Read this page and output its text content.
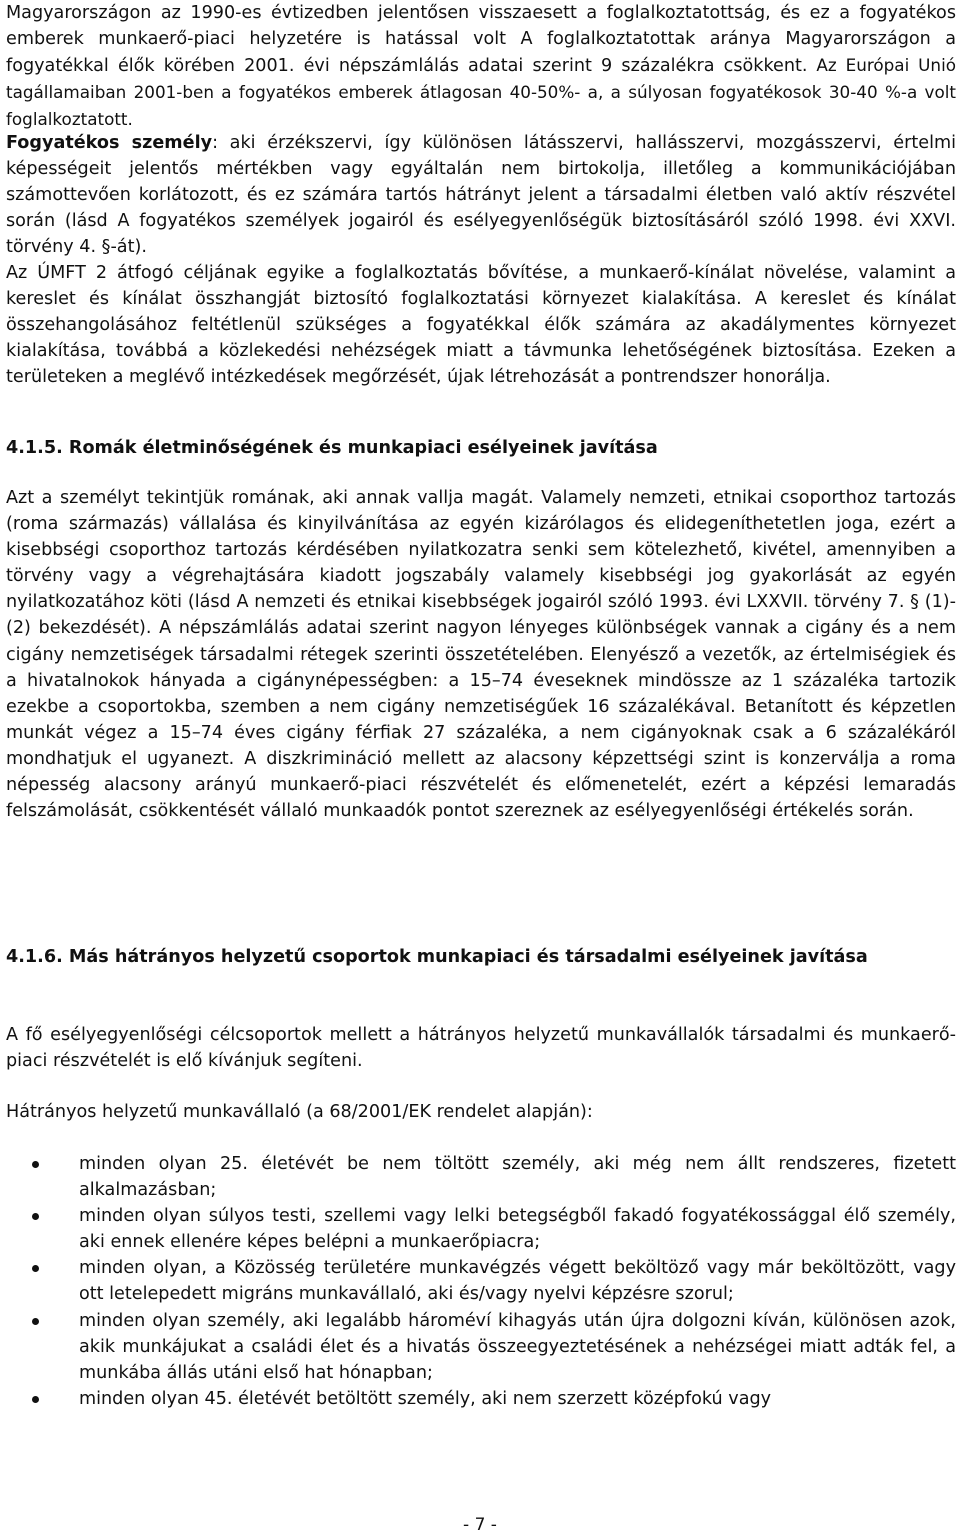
Magyarországon az 1990-es évtizedben jelentősen visszaesett a foglalkoztatottság, és ez a fogyatékos emberek munkaerő-piaci helyzetére is hatással volt A foglalkoztatottak aránya Magyarországon a fogyatékkal élők körében 2001. évi népszámlálás adatai szerint 9 százalékra csökkent. Az Európai Unió tagállamaiban 2001-ben a fogyatékos emberek átlagosan 40-50%- a, a súlyosan fogyatékosok 30-40 %-a volt foglalkoztatott.

Fogyatékos személy: aki érzékszervi, így különösen látásszervi, hallásszervi, mozgásszervi, értelmi képességeit jelentős mértékben vagy egyáltalán nem birtokolja, illetőleg a kommunikációjában számottevően korlátozott, és ez számára tartós hátrányt jelent a társadalmi életben való aktív részvétel során (lásd A fogyatékos személyek jogairól és esélyegyenlőségük biztosításáról szóló 1998. évi XXVI. törvény 4. §-át).

Az ÚMFT 2 átfogó céljának egyike a foglalkoztatás bővítése, a munkaerő-kínálat növelése, valamint a kereslet és kínálat összhangját biztosító foglalkoztatási környezet kialakítása. A kereslet és kínálat összehangolásához feltétlenül szükséges a fogyatékkal élők számára az akadálymentes környezet kialakítása, továbbá a közlekedési nehézségek miatt a távmunka lehetőségének biztosítása. Ezeken a területeken a meglévő intézkedések megőrzését, újak létrehozását a pontrendszer honorálja.

4.1.5. Romák életminőségének és munkapiaci esélyeinek javítása

Azt a személyt tekintjük romának, aki annak vallja magát. Valamely nemzeti, etnikai csoporthoz tartozás (roma származás) vállalása és kinyilvánítása az egyén kizárólagos és elidegeníthetetlen joga, ezért a kisebbségi csoporthoz tartozás kérdésében nyilatkozatra senki sem kötelezhető, kivétel, amennyiben a törvény vagy a végrehajtására kiadott jogszabály valamely kisebbségi jog gyakorlását az egyén nyilatkozatához köti (lásd A nemzeti és etnikai kisebbségek jogairól szóló 1993. évi LXXVII. törvény 7. § (1)-(2) bekezdését). A népszámlálás adatai szerint nagyon lényeges különbségek vannak a cigány és a nem cigány nemzetiségek társadalmi rétegek szerinti összetételében. Elenyésző a vezetők, az értelmiségiek és a hivatalnokok hányada a cigánynépességben: a 15–74 éveseknek mindössze az 1 százaléka tartozik ezekbe a csoportokba, szemben a nem cigány nemzetiségűek 16 százalékával. Betanított és képzetlen munkát végez a 15–74 éves cigány férfiak 27 százaléka, a nem cigányoknak csak a 6 százalékáról mondhatjuk el ugyanezt. A diszkrimináció mellett az alacsony képzettségi szint is konzerválja a roma népesség alacsony arányú munkaerő-piaci részvételét és előmenetelét, ezért a képzési lemaradás felszámolását, csökkentését vállaló munkaadók pontot szereznek az esélyegyenlőségi értékelés során.

4.1.6. Más hátrányos helyzetű csoportok munkapiaci és társadalmi esélyeinek javítása

A fő esélyegyenlőségi célcsoportok mellett a hátrányos helyzetű munkavállalók társadalmi és munkaerő-piaci részvételét is elő kívánjuk segíteni.

Hátrányos helyzetű munkavállaló (a 68/2001/EK rendelet alapján):

minden olyan 25. életévét be nem töltött személy, aki még nem állt rendszeres, fizetett alkalmazásban;
minden olyan súlyos testi, szellemi vagy lelki betegségből fakadó fogyatékossággal élő személy, aki ennek ellenére képes belépni a munkaerőpiacra;
minden olyan, a Közösség területére munkavégzés végett beköltöző vagy már beköltözött, vagy ott letelepedett migráns munkavállaló, aki és/vagy nyelvi képzésre szorul;
minden olyan személy, aki legalább hároméví kihagyás után újra dolgozni kíván, különösen azok, akik munkájukat a családi élet és a hivatás összeegyeztetésének a nehézségei miatt adták fel, a munkába állás utáni első hat hónapban;
minden olyan 45. életévét betöltött személy, aki nem szerzett középfokú vagy
- 7 -
